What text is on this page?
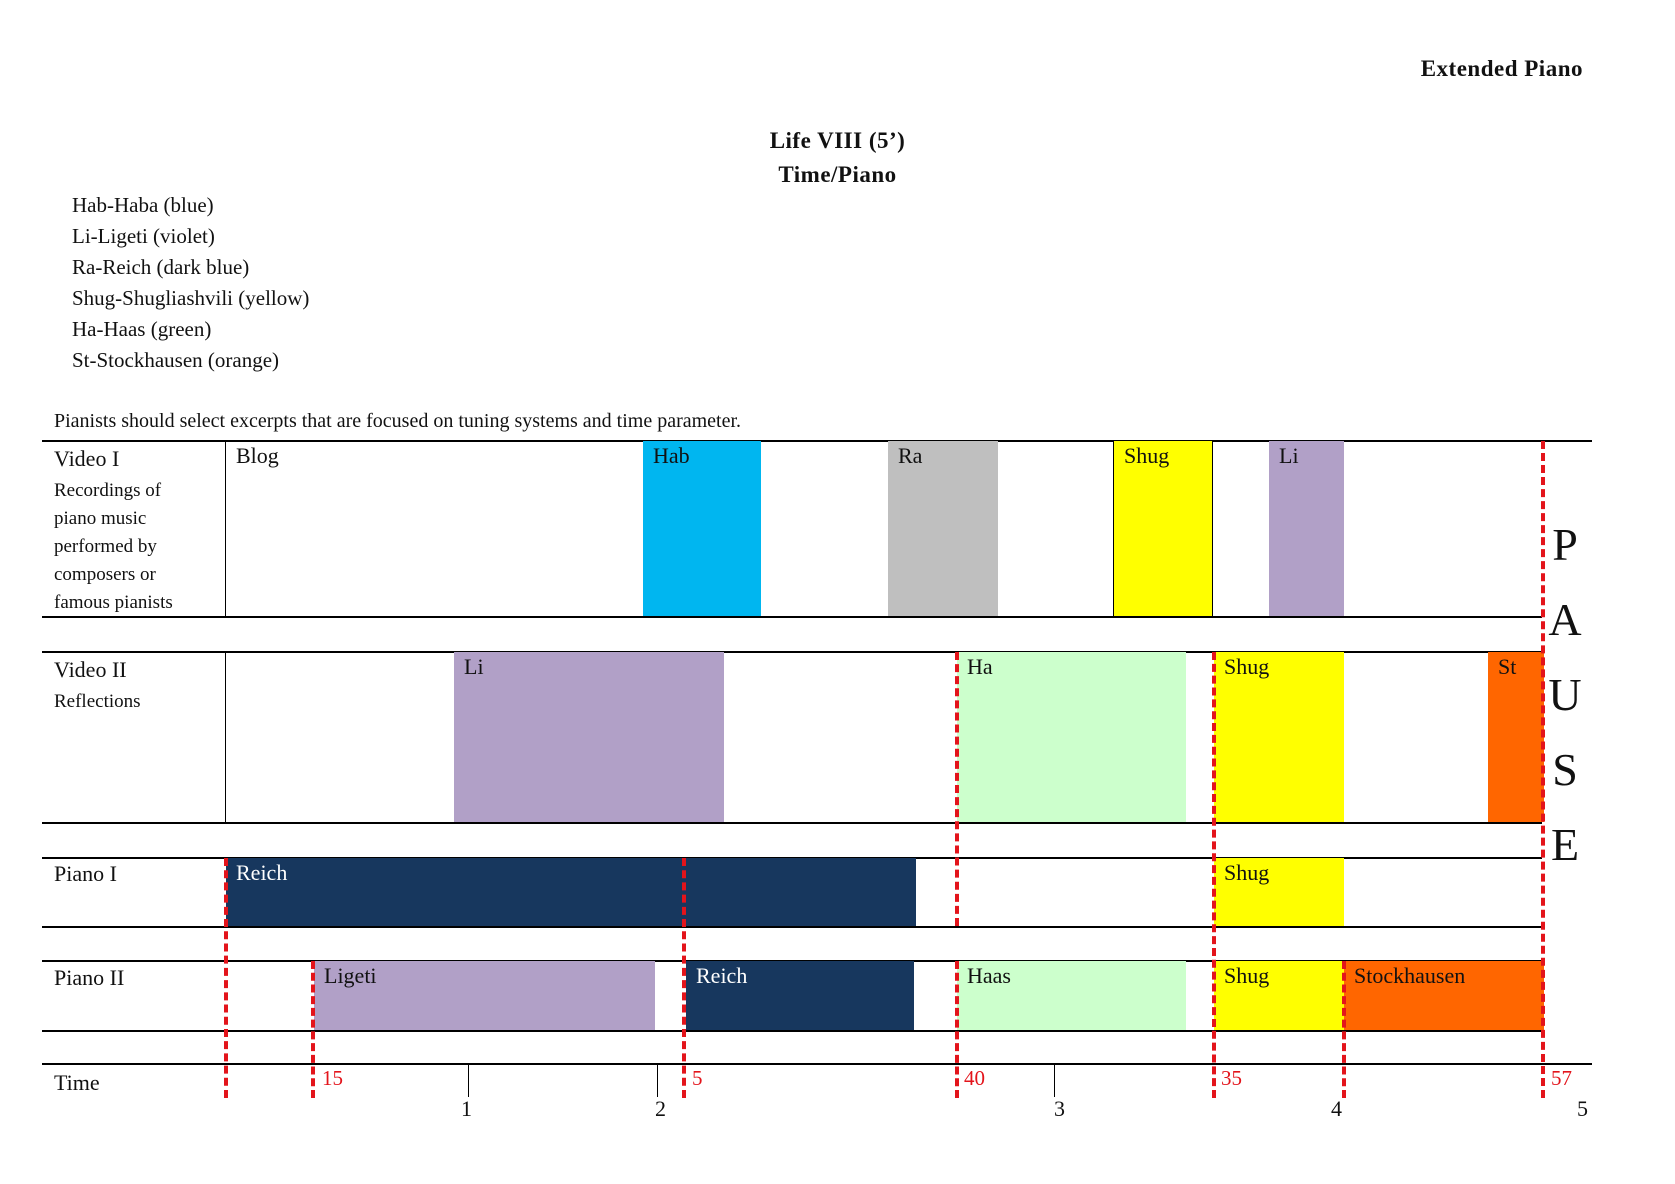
Extended Piano
Life VIII (5’)
Time/Piano
Hab-Haba (blue)
Li-Ligeti (violet)
Ra-Reich (dark blue)
Shug-Shugliashvili (yellow)
Ha-Haas (green)
St-Stockhausen (orange)
Pianists should select excerpts that are focused on tuning systems and time parameter.
Video I
Recordings of piano music performed by composers or famous pianists
Video II
Reflections
Piano I
Piano II
Time
Blog	Hab	Ra	Shug	Li
Li	Ha	Shug	St
Reich	Shug
Ligeti	Reich	Haas	Shug	Stockhausen
P
A
U
S
E
1	2	3	4	5
15	5	40	35	57
